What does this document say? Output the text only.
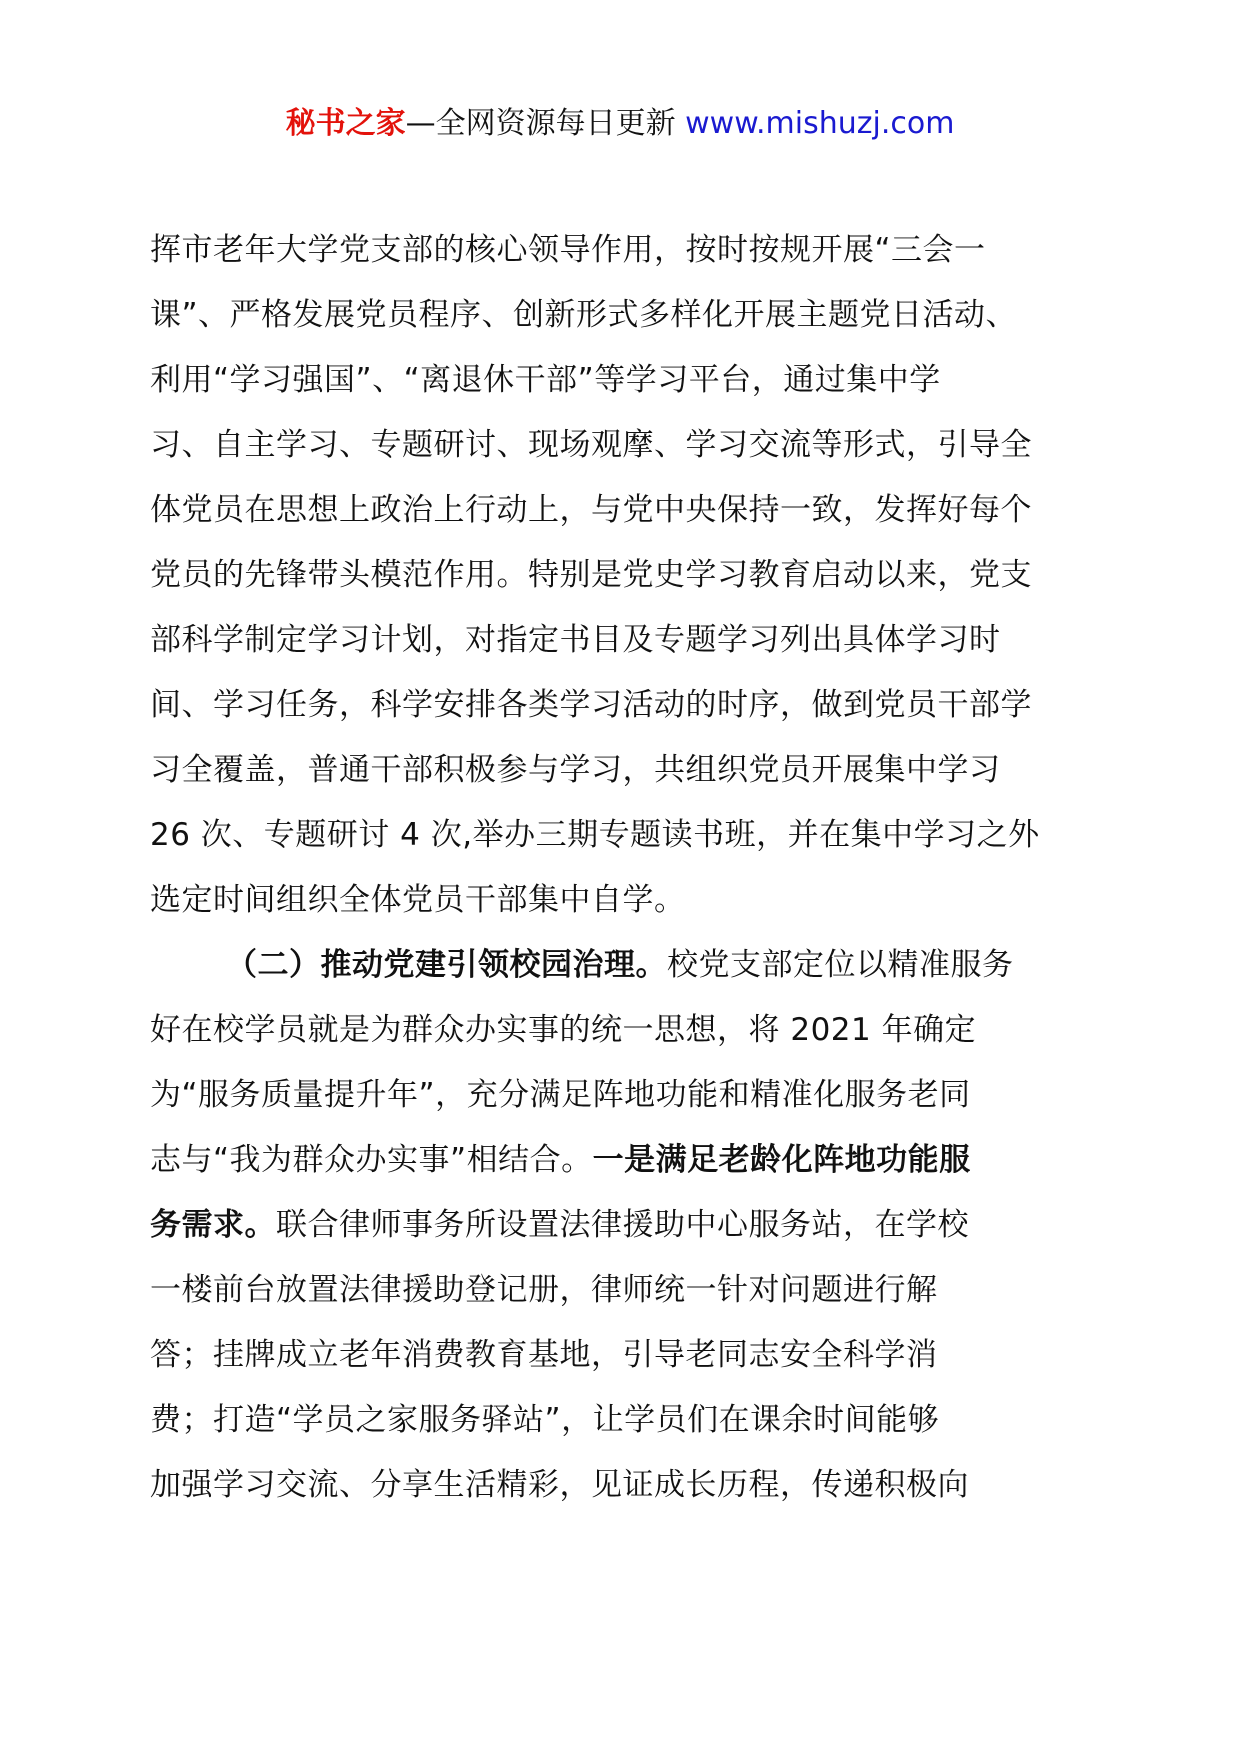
秘书之家—全网资源每日更新 www.mishuzj.com
挥市老年大学党支部的核心领导作用，按时按规开展“三会一
课”、严格发展党员程序、创新形式多样化开展主题党日活动、
利用“学习强国”、“离退休干部”等学习平台，通过集中学
习、自主学习、专题研讨、现场观摩、学习交流等形式，引导全
体党员在思想上政治上行动上，与党中央保持一致，发挥好每个
党员的先锋带头模范作用。特别是党史学习教育启动以来，党支
部科学制定学习计划，对指定书目及专题学习列出具体学习时
间、学习任务，科学安排各类学习活动的时序，做到党员干部学
习全覆盖，普通干部积极参与学习，共组织党员开展集中学习
26 次、专题研讨 4 次,举办三期专题读书班，并在集中学习之外
选定时间组织全体党员干部集中自学。
（二）推动党建引领校园治理。校党支部定位以精准服务
好在校学员就是为群众办实事的统一思想，将 2021 年确定
为“服务质量提升年”，充分满足阵地功能和精准化服务老同
志与“我为群众办实事”相结合。一是满足老龄化阵地功能服
务需求。联合律师事务所设置法律援助中心服务站，在学校
一楼前台放置法律援助登记册，律师统一针对问题进行解
答；挂牌成立老年消费教育基地，引导老同志安全科学消
费；打造“学员之家服务驿站”，让学员们在课余时间能够
加强学习交流、分享生活精彩，见证成长历程，传递积极向
